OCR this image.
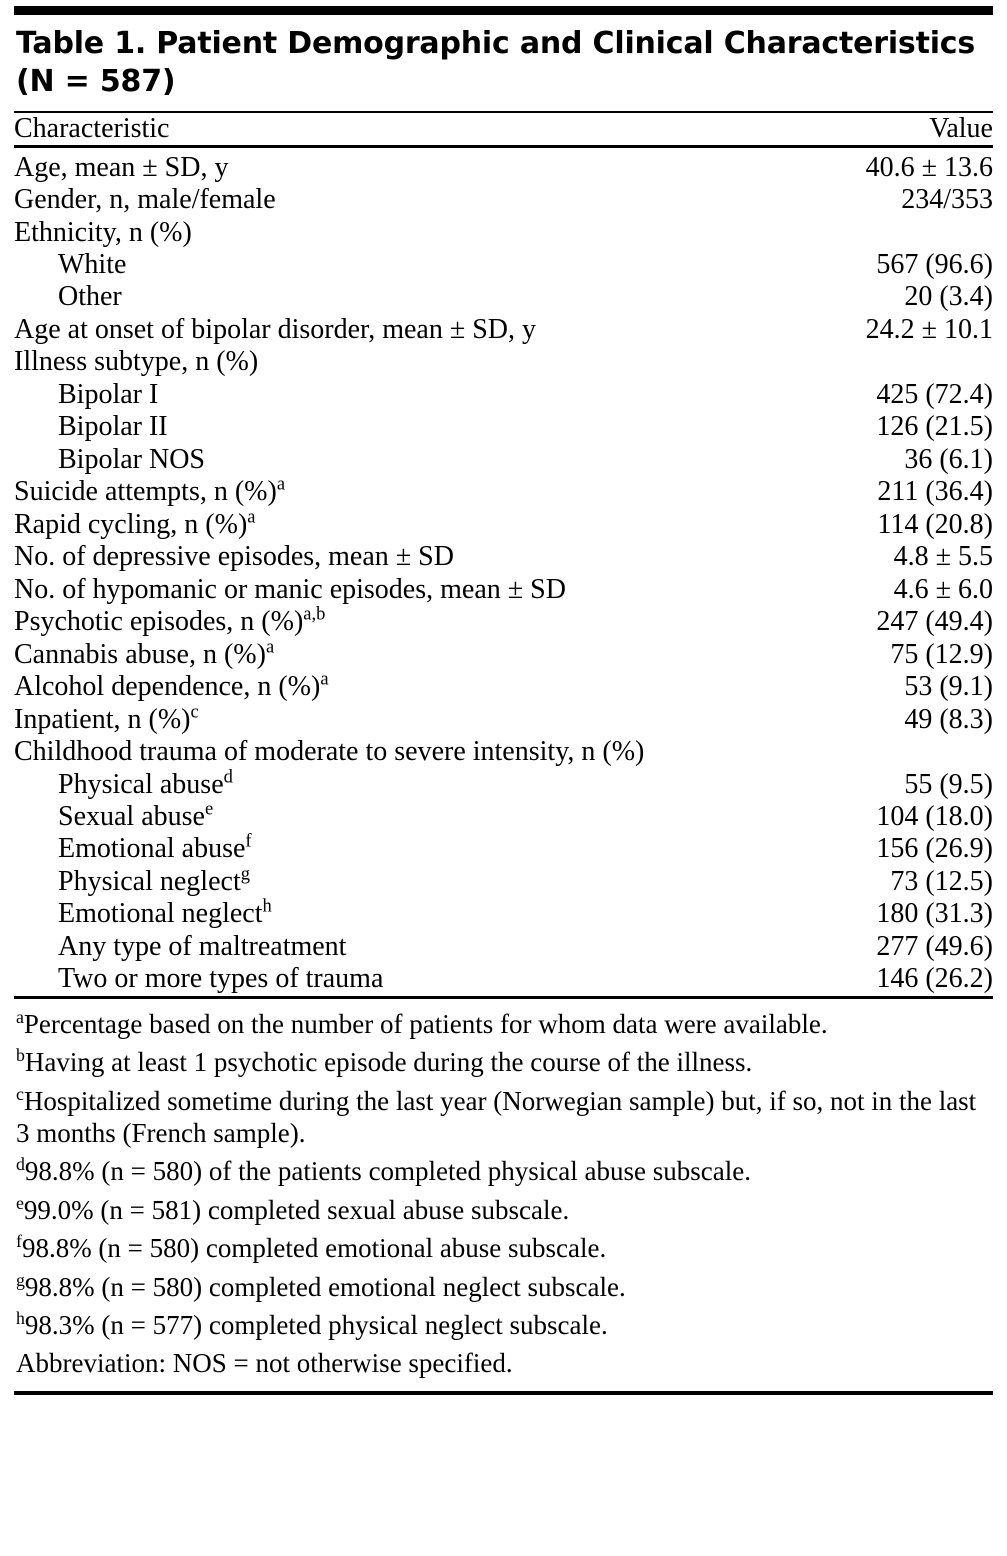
Table 1. Patient Demographic and Clinical Characteristics (N = 587)
Characteristic	Value
Age, mean ± SD, y	40.6 ± 13.6
Gender, n, male/female	234/353
Ethnicity, n (%)	
White	567 (96.6)
Other	20 (3.4)
Age at onset of bipolar disorder, mean ± SD, y	24.2 ± 10.1
Illness subtype, n (%)	
Bipolar I	425 (72.4)
Bipolar II	126 (21.5)
Bipolar NOS	36 (6.1)
Suicide attempts, n (%)$^a$	211 (36.4)
Rapid cycling, n (%)$^a$	114 (20.8)
No. of depressive episodes, mean ± SD	4.8 ± 5.5
No. of hypomanic or manic episodes, mean ± SD	4.6 ± 6.0
Psychotic episodes, n (%)$^{a,b}$	247 (49.4)
Cannabis abuse, n (%)$^a$	75 (12.9)
Alcohol dependence, n (%)$^a$	53 (9.1)
Inpatient, n (%)$^c$	49 (8.3)
Childhood trauma of moderate to severe intensity, n (%)	
Physical abuse$^d$	55 (9.5)
Sexual abuse$^e$	104 (18.0)
Emotional abuse$^f$	156 (26.9)
Physical neglect$^g$	73 (12.5)
Emotional neglect$^h$	180 (31.3)
Any type of maltreatment	277 (49.6)
Two or more types of trauma	146 (26.2)
$^a$Percentage based on the number of patients for whom data were available.
$^b$Having at least 1 psychotic episode during the course of the illness.
$^c$Hospitalized sometime during the last year (Norwegian sample) but, if so, not in the last 3 months (French sample).
$^d$98.8% (n = 580) of the patients completed physical abuse subscale.
$^e$99.0% (n = 581) completed sexual abuse subscale.
$^f$98.8% (n = 580) completed emotional abuse subscale.
$^g$98.8% (n = 580) completed emotional neglect subscale.
$^h$98.3% (n = 577) completed physical neglect subscale.
Abbreviation: NOS = not otherwise specified.
